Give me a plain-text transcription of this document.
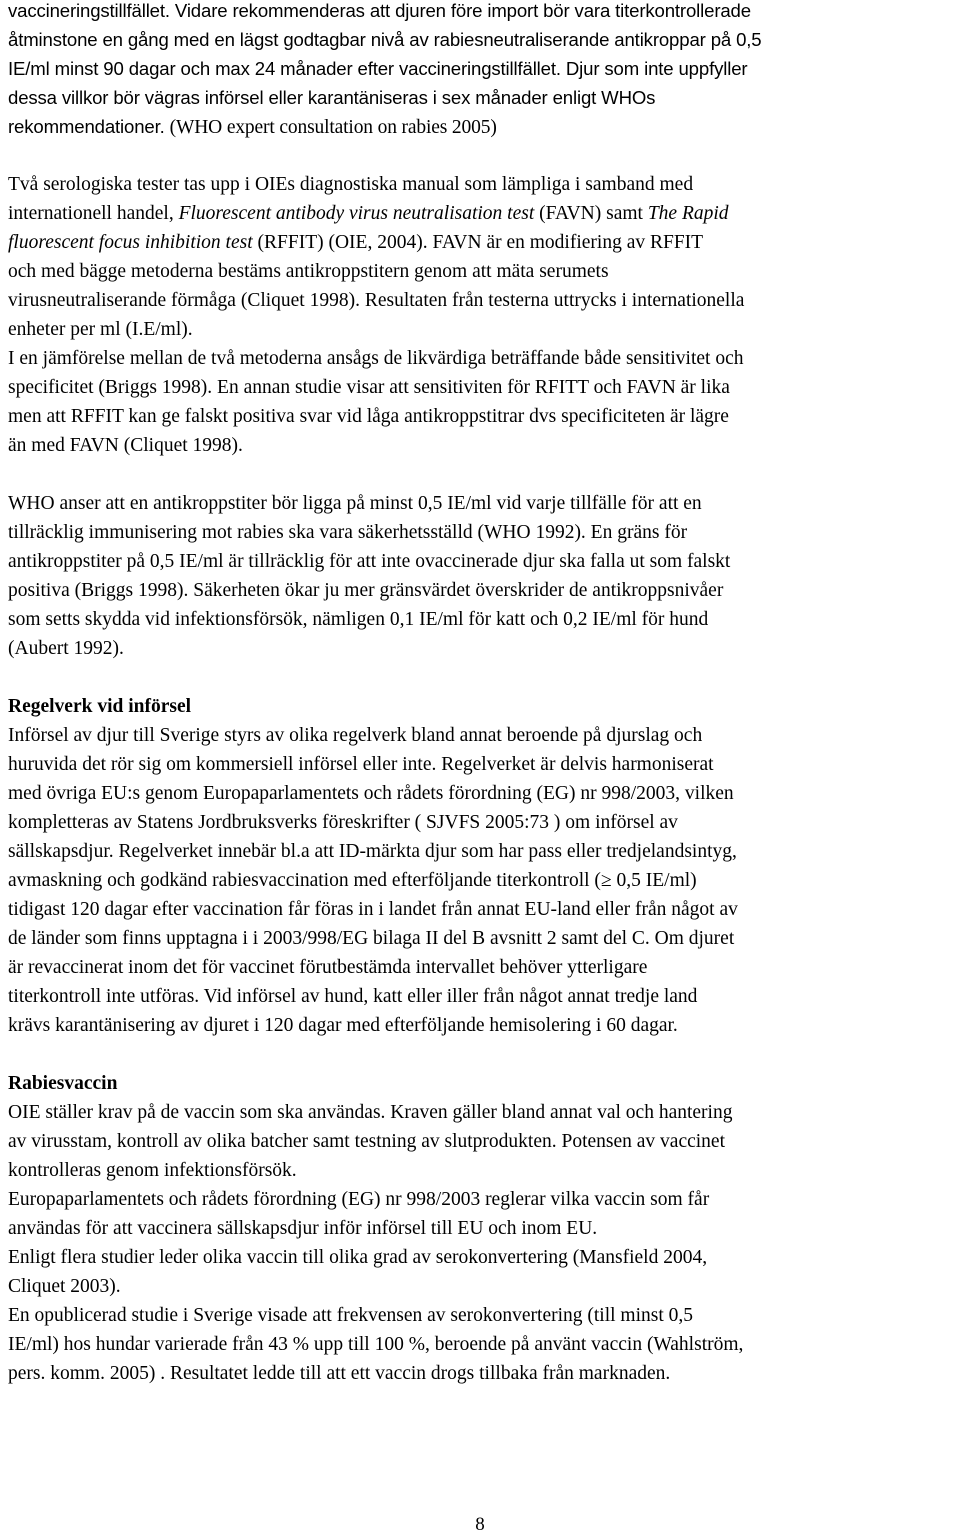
vaccineringstillfället. Vidare rekommenderas att djuren före import bör vara titerkontrollerade
åtminstone en gång med en lägst godtagbar nivå av rabiesneutraliserande antikroppar på 0,5
IE/ml minst 90 dagar och max 24 månader efter vaccineringstillfället. Djur som inte uppfyller
dessa villkor bör vägras införsel eller karantäniseras i sex månader enligt WHOs
rekommendationer. (WHO expert consultation on rabies 2005)
Två serologiska tester tas upp i OIEs diagnostiska manual som lämpliga i samband med
internationell handel, Fluorescent antibody virus neutralisation test (FAVN) samt The Rapid
fluorescent focus inhibition test (RFFIT) (OIE, 2004). FAVN är en modifiering av RFFIT
och med bägge metoderna bestäms antikroppstitern genom att mäta serumets
virusneutraliserande förmåga (Cliquet 1998). Resultaten från testerna uttrycks i internationella
enheter per ml (I.E/ml).
I en jämförelse mellan de två metoderna ansågs de likvärdiga beträffande både sensitivitet och
specificitet (Briggs 1998). En annan studie visar att sensitiviten för RFITT och FAVN är lika
men att RFFIT kan ge falskt positiva svar vid låga antikroppstitrar dvs specificiteten är lägre
än med FAVN (Cliquet 1998).
WHO anser att en antikroppstiter bör ligga på minst 0,5 IE/ml vid varje tillfälle för att en
tillräcklig immunisering mot rabies ska vara säkerhetsställd (WHO 1992). En gräns för
antikroppstiter på 0,5 IE/ml är tillräcklig för att inte ovaccinerade djur ska falla ut som falskt
positiva (Briggs 1998). Säkerheten ökar ju mer gränsvärdet överskrider de antikroppsnivåer
som setts skydda vid infektionsförsök, nämligen 0,1 IE/ml för katt och 0,2 IE/ml för hund
(Aubert 1992).
Regelverk vid införsel
Införsel av djur till Sverige styrs av olika regelverk bland annat beroende på djurslag och
huruvida det rör sig om kommersiell införsel eller inte. Regelverket är delvis harmoniserat
med övriga EU:s genom Europaparlamentets och rådets förordning (EG) nr 998/2003, vilken
kompletteras av Statens Jordbruksverks föreskrifter ( SJVFS 2005:73 ) om införsel av
sällskapsdjur. Regelverket innebär bl.a att ID-märkta djur som har pass eller tredjelandsintyg,
avmaskning och godkänd rabiesvaccination med efterföljande titerkontroll (≥ 0,5 IE/ml)
tidigast 120 dagar efter vaccination får föras in i landet från annat EU-land eller från något av
de länder som finns upptagna i i 2003/998/EG bilaga II del B avsnitt 2 samt del C. Om djuret
är revaccinerat inom det för vaccinet förutbestämda intervallet behöver ytterligare
titerkontroll inte utföras. Vid införsel av hund, katt eller iller från något annat tredje land
krävs karantänisering av djuret i 120 dagar med efterföljande hemisolering i 60 dagar.
Rabiesvaccin
OIE ställer krav på de vaccin som ska användas. Kraven gäller bland annat val och hantering
av virusstam, kontroll av olika batcher samt testning av slutprodukten. Potensen av vaccinet
kontrolleras genom infektionsförsök.
Europaparlamentets och rådets förordning (EG) nr 998/2003 reglerar vilka vaccin som får
användas för att vaccinera sällskapsdjur inför införsel till EU och inom EU.
Enligt flera studier leder olika vaccin till olika grad av serokonvertering (Mansfield 2004,
Cliquet 2003).
En opublicerad studie i Sverige visade att frekvensen av serokonvertering (till minst 0,5
IE/ml) hos hundar varierade från 43 % upp till 100 %, beroende på använt vaccin (Wahlström,
pers. komm. 2005) . Resultatet ledde till att ett vaccin drogs tillbaka från marknaden.
8
